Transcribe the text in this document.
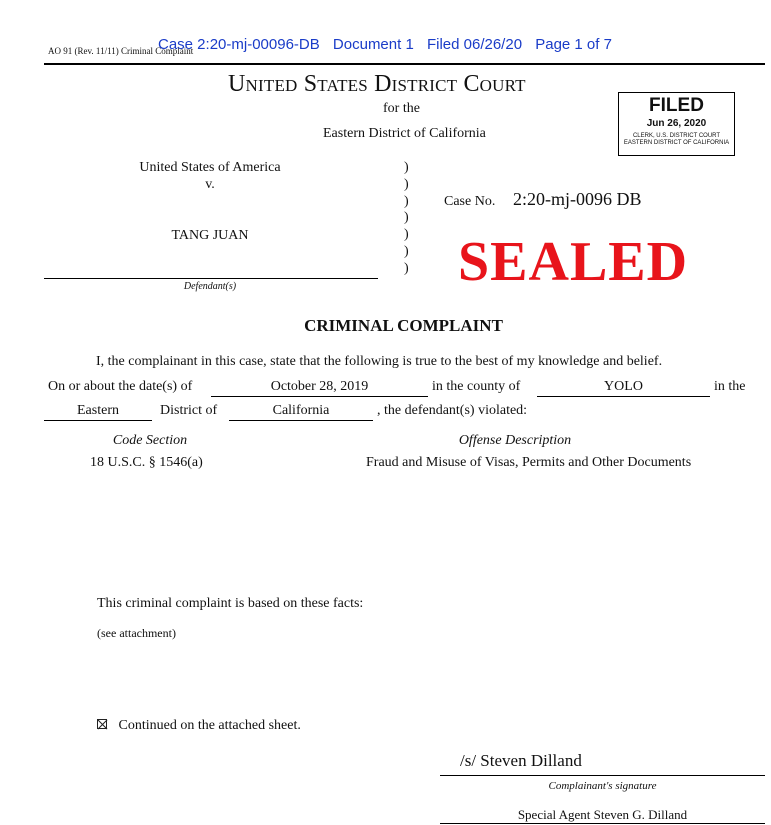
AO 91 (Rev. 11/11) Criminal Complaint
Case 2:20-mj-00096-DB Document 1 Filed 06/26/20 Page 1 of 7
United States District Court
for the
Eastern District of California
FILED
Jun 26, 2020
CLERK, U.S. DISTRICT COURT
EASTERN DISTRICT OF CALIFORNIA
United States of America
v.
TANG JUAN
Defendant(s)
)
)
)
)
)
)
)
Case No. 2:20-mj-0096 DB
SEALED
CRIMINAL COMPLAINT
I, the complainant in this case, state that the following is true to the best of my knowledge and belief.
On or about the date(s) of	October 28, 2019	in the county of	YOLO	in the
Eastern	District of	California	, the defendant(s) violated:
Code Section	Offense Description
18 U.S.C. § 1546(a)	Fraud and Misuse of Visas, Permits and Other Documents
This criminal complaint is based on these facts:
(see attachment)
Continued on the attached sheet.
/s/ Steven Dilland
Complainant's signature
Special Agent Steven G. Dilland
